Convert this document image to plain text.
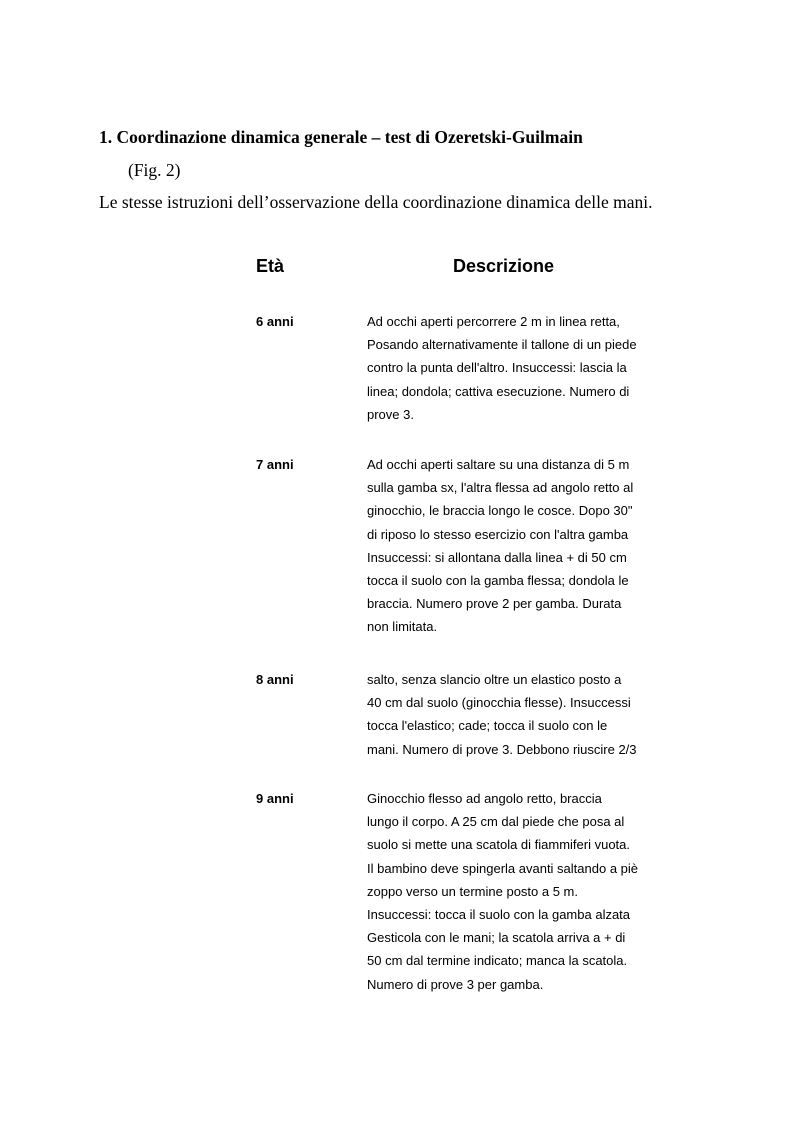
1. Coordinazione dinamica generale – test di Ozeretski-Guilmain
(Fig. 2)
Le stesse istruzioni dell’osservazione della coordinazione dinamica delle mani.
Età	Descrizione
6 anni	Ad occhi aperti percorrere 2 m in linea retta,
Posando alternativamente il tallone di un piede
contro la punta dell'altro. Insuccessi: lascia la
linea; dondola; cattiva esecuzione. Numero di
prove 3.
7 anni	Ad occhi aperti saltare su una distanza di 5 m
sulla gamba sx, l'altra flessa ad angolo retto al
ginocchio, le braccia longo le cosce. Dopo 30"
di riposo lo stesso esercizio con l'altra gamba
Insuccessi: si allontana dalla linea + di 50 cm
tocca il suolo con la gamba flessa; dondola le
braccia. Numero prove 2 per gamba. Durata
non limitata.
8 anni	salto, senza slancio oltre un elastico posto a
40 cm dal suolo (ginocchia flesse). Insuccessi
tocca l'elastico; cade; tocca il suolo con le
mani. Numero di prove 3. Debbono riuscire 2/3
9 anni	Ginocchio flesso ad angolo retto, braccia
lungo il corpo. A 25 cm dal piede che posa al
suolo si mette una scatola di fiammiferi vuota.
Il bambino deve spingerla avanti saltando a piè
zoppo verso un termine posto a 5 m.
Insuccessi: tocca il suolo con la gamba alzata
Gesticola con le mani; la scatola arriva a + di
50 cm dal termine indicato; manca la scatola.
Numero di prove 3 per gamba.
